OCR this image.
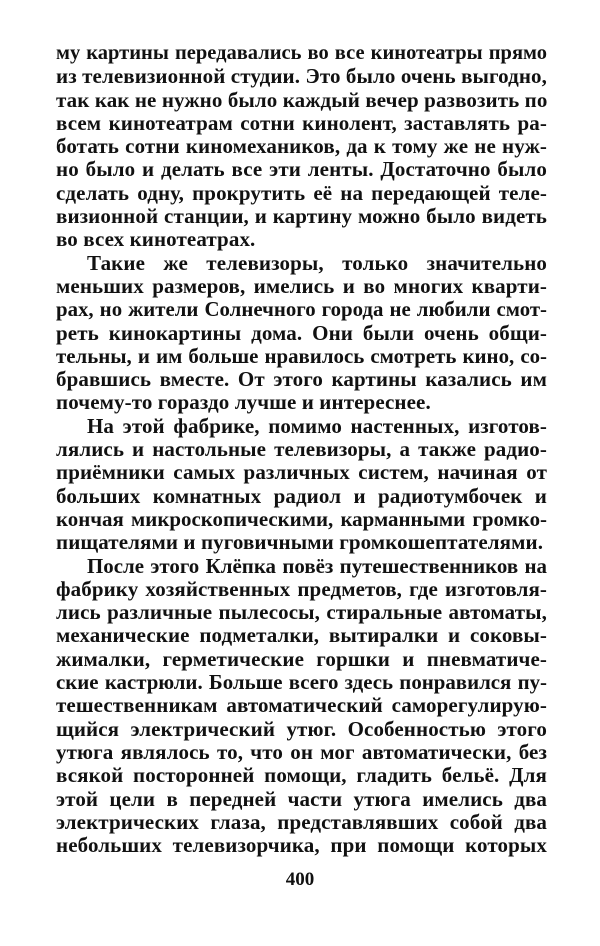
му картины передавались во все кинотеатры прямо
из телевизионной студии. Это было очень выгодно,
так как не нужно было каждый вечер развозить по
всем кинотеатрам сотни кинолент, заставлять ра-
ботать сотни киномехаников, да к тому же не нуж-
но было и делать все эти ленты. Достаточно было
сделать одну, прокрутить её на передающей теле-
визионной станции, и картину можно было видеть
во всех кинотеатрах.
Такие же телевизоры, только значительно
меньших размеров, имелись и во многих кварти-
рах, но жители Солнечного города не любили смот-
реть кинокартины дома. Они были очень общи-
тельны, и им больше нравилось смотреть кино, со-
бравшись вместе. От этого картины казались им
почему-то гораздо лучше и интереснее.
На этой фабрике, помимо настенных, изготов-
лялись и настольные телевизоры, а также радио-
приёмники самых различных систем, начиная от
больших комнатных радиол и радиотумбочек и
кончая микроскопическими, карманными громко-
пищателями и пуговичными громкошептателями.
После этого Клёпка повёз путешественников на
фабрику хозяйственных предметов, где изготовля-
лись различные пылесосы, стиральные автоматы,
механические подметалки, вытиралки и соковы-
жималки, герметические горшки и пневматиче-
ские кастрюли. Больше всего здесь понравился пу-
тешественникам автоматический саморегулирую-
щийся электрический утюг. Особенностью этого
утюга являлось то, что он мог автоматически, без
всякой посторонней помощи, гладить бельё. Для
этой цели в передней части утюга имелись два
электрических глаза, представлявших собой два
небольших телевизорчика, при помощи которых
400
